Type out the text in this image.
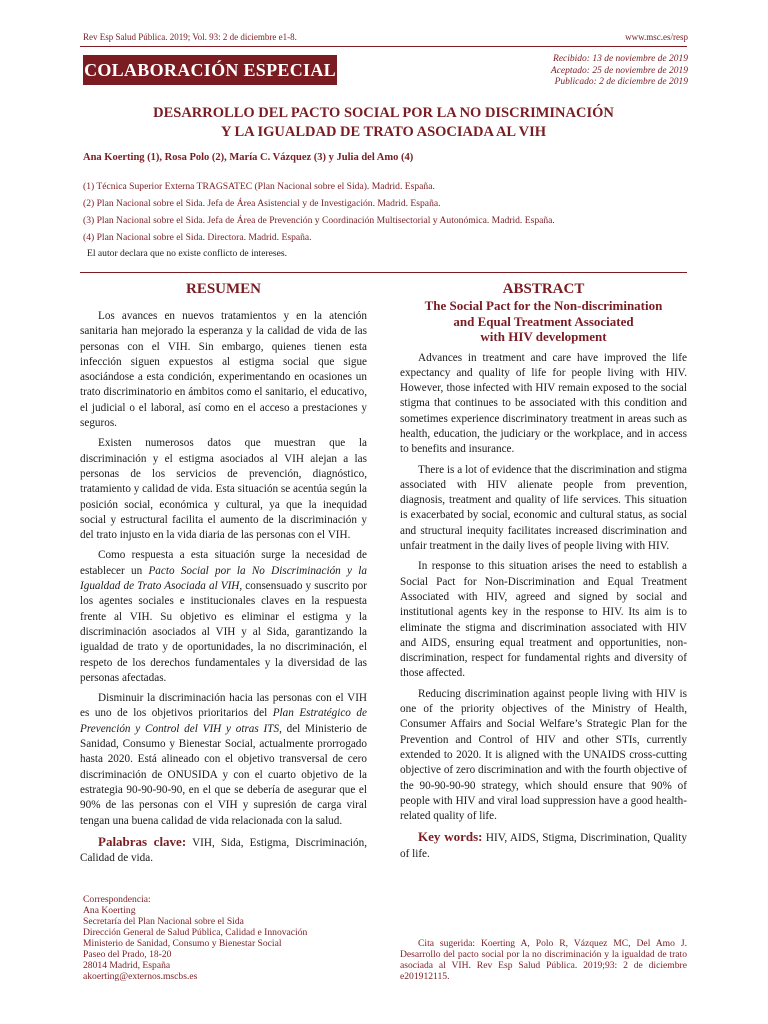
Rev Esp Salud Pública. 2019; Vol. 93: 2 de diciembre e1-8.	www.msc.es/resp
COLABORACIÓN ESPECIAL
Recibido: 13 de noviembre de 2019
Aceptado: 25 de noviembre de 2019
Publicado: 2 de diciembre de 2019
DESARROLLO DEL PACTO SOCIAL POR LA NO DISCRIMINACIÓN
Y LA IGUALDAD DE TRATO ASOCIADA AL VIH
Ana Koerting (1), Rosa Polo (2), María C. Vázquez (3) y Julia del Amo (4)
(1) Técnica Superior Externa TRAGSATEC (Plan Nacional sobre el Sida). Madrid. España.
(2) Plan Nacional sobre el Sida. Jefa de Área Asistencial y de Investigación. Madrid. España.
(3) Plan Nacional sobre el Sida. Jefa de Área de Prevención y Coordinación Multisectorial y Autonómica. Madrid. España.
(4) Plan Nacional sobre el Sida. Directora. Madrid. España.
El autor declara que no existe conflicto de intereses.
RESUMEN

Los avances en nuevos tratamientos y en la atención sanitaria han mejorado la esperanza y la calidad de vida de las personas con el VIH. Sin embargo, quienes tienen esta infección siguen expuestos al estigma social que sigue asociándose a esta condición, experimentando en ocasiones un trato discriminatorio en ámbitos como el sanitario, el educativo, el judicial o el laboral, así como en el acceso a prestaciones y seguros.

Existen numerosos datos que muestran que la discriminación y el estigma asociados al VIH alejan a las personas de los servicios de prevención, diagnóstico, tratamiento y calidad de vida. Esta situación se acentúa según la posición social, económica y cultural, ya que la inequidad social y estructural facilita el aumento de la discriminación y del trato injusto en la vida diaria de las personas con el VIH.

Como respuesta a esta situación surge la necesidad de establecer un Pacto Social por la No Discriminación y la Igualdad de Trato Asociada al VIH, consensuado y suscrito por los agentes sociales e institucionales claves en la respuesta frente al VIH. Su objetivo es eliminar el estigma y la discriminación asociados al VIH y al Sida, garantizando la igualdad de trato y de oportunidades, la no discriminación, el respeto de los derechos fundamentales y la diversidad de las personas afectadas.

Disminuir la discriminación hacia las personas con el VIH es uno de los objetivos prioritarios del Plan Estratégico de Prevención y Control del VIH y otras ITS, del Ministerio de Sanidad, Consumo y Bienestar Social, actualmente prorrogado hasta 2020. Está alineado con el objetivo transversal de cero discriminación de ONUSIDA y con el cuarto objetivo de la estrategia 90-90-90-90, en el que se debería de asegurar que el 90% de las personas con el VIH y supresión de carga viral tengan una buena calidad de vida relacionada con la salud.

Palabras clave: VIH, Sida, Estigma, Discriminación, Calidad de vida.

ABSTRACT
The Social Pact for the Non-discrimination
and Equal Treatment Associated
with HIV development

Advances in treatment and care have improved the life expectancy and quality of life for people living with HIV. However, those infected with HIV remain exposed to the social stigma that continues to be associated with this condition and sometimes experience discriminatory treatment in areas such as health, education, the judiciary or the workplace, and in access to benefits and insurance.

There is a lot of evidence that the discrimination and stigma associated with HIV alienate people from prevention, diagnosis, treatment and quality of life services. This situation is exacerbated by social, economic and cultural status, as social and structural inequity facilitates increased discrimination and unfair treatment in the daily lives of people living with HIV.

In response to this situation arises the need to establish a Social Pact for Non-Discrimination and Equal Treatment Associated with HIV, agreed and signed by social and institutional agents key in the response to HIV. Its aim is to eliminate the stigma and discrimination associated with HIV and AIDS, ensuring equal treatment and opportunities, non-discrimination, respect for fundamental rights and diversity of those affected.

Reducing discrimination against people living with HIV is one of the priority objectives of the Ministry of Health, Consumer Affairs and Social Welfare’s Strategic Plan for the Prevention and Control of HIV and other STIs, currently extended to 2020. It is aligned with the UNAIDS cross-cutting objective of zero discrimination and with the fourth objective of the 90-90-90-90 strategy, which should ensure that 90% of people with HIV and viral load suppression have a good health-related quality of life.

Key words: HIV, AIDS, Stigma, Discrimination, Quality of life.

Correspondencia:
Ana Koerting
Secretaría del Plan Nacional sobre el Sida
Dirección General de Salud Pública, Calidad e Innovación
Ministerio de Sanidad, Consumo y Bienestar Social
Paseo del Prado, 18-20
28014 Madrid, España
akoerting@externos.mscbs.es
Cita sugerida: Koerting A, Polo R, Vázquez MC, Del Amo J. Desarrollo del pacto social por la no discriminación y la igualdad de trato asociada al VIH. Rev Esp Salud Pública. 2019;93: 2 de diciembre e201912115.
